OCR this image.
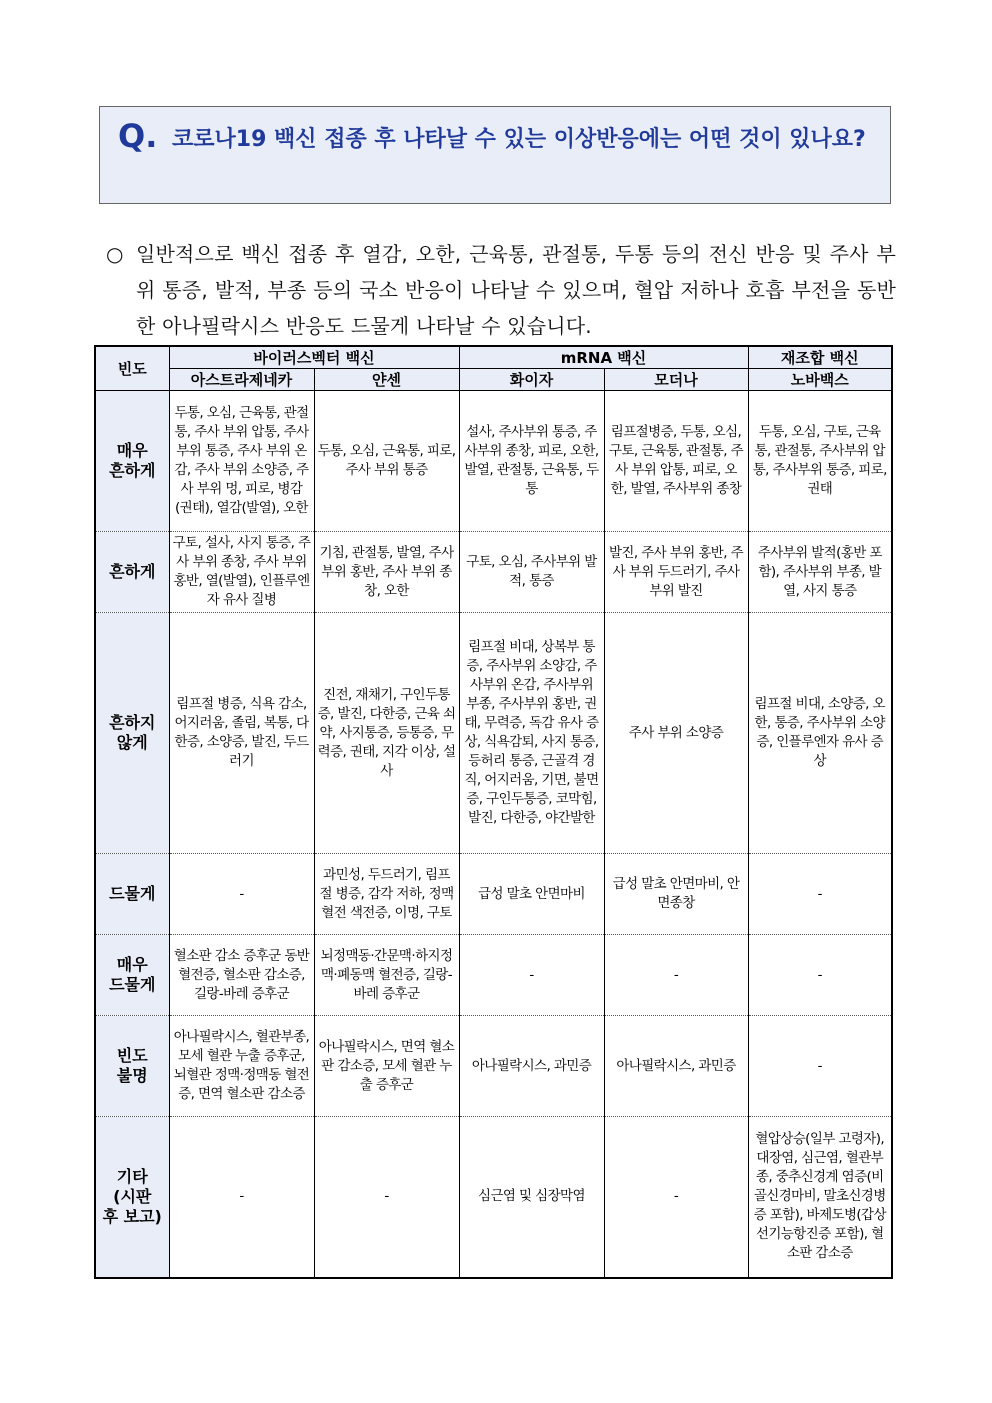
Q. 코로나19 백신 접종 후 나타날 수 있는 이상반응에는 어떤 것이 있나요?
○ 일반적으로 백신 접종 후 열감, 오한, 근육통, 관절통, 두통 등의 전신 반응 및 주사 부위 통증, 발적, 부종 등의 국소 반응이 나타날 수 있으며, 혈압 저하나 호흡 부전을 동반한 아나필락시스 반응도 드물게 나타날 수 있습니다.
빈도	바이러스벡터 백신		mRNA 백신		재조합 백신
	아스트라제네카	얀센	화이자	모더나	노바백스
매우
흔하게	두통, 오심, 근육통, 관절통, 주사 부위 압통, 주사 부위 통증, 주사 부위 온감, 주사 부위 소양증, 주사 부위 멍, 피로, 병감(권태), 열감(발열), 오한	두통, 오심, 근육통, 피로, 주사 부위 통증	설사, 주사부위 통증, 주사부위 종창, 피로, 오한, 발열, 관절통, 근육통, 두통	림프절병증, 두통, 오심, 구토, 근육통, 관절통, 주사 부위 압통, 피로, 오한, 발열, 주사부위 종창	두통, 오심, 구토, 근육통, 관절통, 주사부위 압통, 주사부위 통증, 피로, 권태
흔하게	구토, 설사, 사지 통증, 주사 부위 종창, 주사 부위 홍반, 열(발열), 인플루엔자 유사 질병	기침, 관절통, 발열, 주사 부위 홍반, 주사 부위 종창, 오한	구토, 오심, 주사부위 발적, 통증	발진, 주사 부위 홍반, 주사 부위 두드러기, 주사부위 발진	주사부위 발적(홍반 포함), 주사부위 부종, 발열, 사지 통증
흔하지
않게	림프절 병증, 식욕 감소, 어지러움, 졸림, 복통, 다한증, 소양증, 발진, 두드러기	진전, 재채기, 구인두통증, 발진, 다한증, 근육 쇠약, 사지통증, 등통증, 무력증, 권태, 지각 이상, 설사	림프절 비대, 상복부 통증, 주사부위 소양감, 주사부위 온감, 주사부위 부종, 주사부위 홍반, 권태, 무력증, 독감 유사 증상, 식욕감퇴, 사지 통증, 등허리 통증, 근골격 경직, 어지러움, 기면, 불면증, 구인두통증, 코막힘, 발진, 다한증, 야간발한	주사 부위 소양증	림프절 비대, 소양증, 오한, 통증, 주사부위 소양증, 인플루엔자 유사 증상
드물게	-	과민성, 두드러기, 림프절 병증, 감각 저하, 정맥 혈전 색전증, 이명, 구토	급성 말초 안면마비	급성 말초 안면마비, 안면종창	-
매우
드물게	혈소판 감소 증후군 동반 혈전증, 혈소판 감소증, 길랑-바레 증후군	뇌정맥동·간문맥·하지정맥·폐동맥 혈전증, 길랑-바레 증후군	-	-	-
빈도
불명	아나필락시스, 혈관부종, 모세 혈관 누출 증후군, 뇌혈관 정맥·정맥동 혈전증, 면역 혈소판 감소증	아나필락시스, 면역 혈소판 감소증, 모세 혈관 누출 증후군	아나필락시스, 과민증	아나필락시스, 과민증	-
기타
(시판
후 보고)	-	-	심근염 및 심장막염	-	혈압상승(일부 고령자), 대장염, 심근염, 혈관부종, 중추신경계 염증(비골신경마비, 말초신경병증 포함), 바제도병(갑상선기능항진증 포함), 혈소판 감소증
